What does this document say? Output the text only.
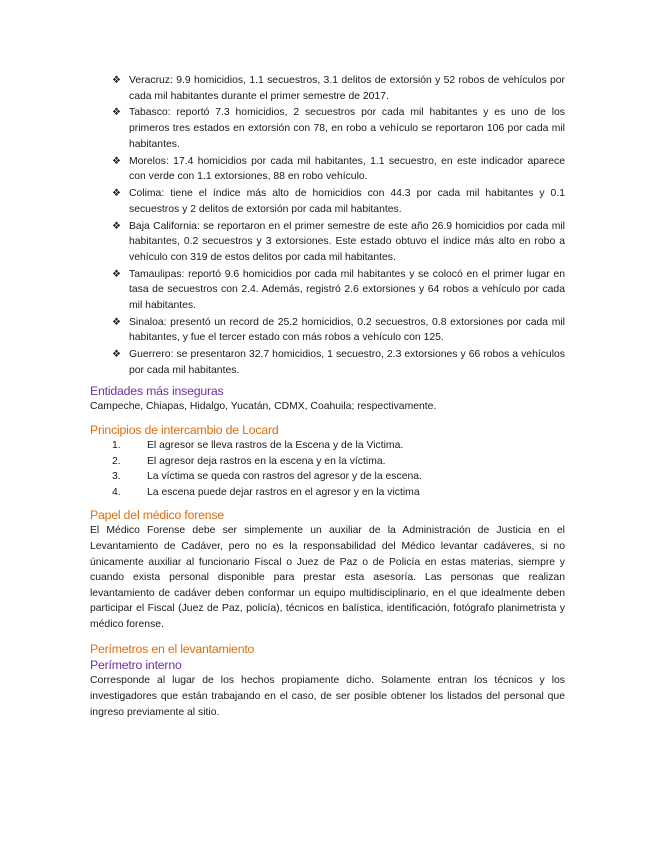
❖ Veracruz: 9.9 homicidios, 1.1 secuestros, 3.1 delitos de extorsión y 52 robos de vehículos por cada mil habitantes durante el primer semestre de 2017.
❖ Tabasco: reportó 7.3 homicidios, 2 secuestros por cada mil habitantes y es uno de los primeros tres estados en extorsión con 78, en robo a vehículo se reportaron 106 por cada mil habitantes.
❖ Morelos: 17.4 homicidios por cada mil habitantes, 1.1 secuestro, en este indicador aparece con verde con 1.1 extorsiones, 88 en robo vehículo.
❖ Colima: tiene el índice más alto de homicidios con 44.3 por cada mil habitantes y 0.1 secuestros y 2 delitos de extorsión por cada mil habitantes.
❖ Baja California: se reportaron en el primer semestre de este año 26.9 homicidios por cada mil habitantes, 0.2 secuestros y 3 extorsiones. Este estado obtuvo el índice más alto en robo a vehículo con 319 de estos delitos por cada mil habitantes.
❖ Tamaulipas: reportó 9.6 homicidios por cada mil habitantes y se colocó en el primer lugar en tasa de secuestros con 2.4. Además, registró 2.6 extorsiones y 64 robos a vehículo por cada mil habitantes.
❖ Sinaloa: presentó un record de 25.2 homicidios, 0.2 secuestros, 0.8 extorsiones por cada mil habitantes, y fue el tercer estado con más robos a vehículo con 125.
❖ Guerrero: se presentaron 32.7 homicidios, 1 secuestro, 2.3 extorsiones y 66 robos a vehículos por cada mil habitantes.
Entidades más inseguras

Campeche, Chiapas, Hidalgo, Yucatán, CDMX, Coahuila; respectivamente.

Principios de intercambio de Locard
1.	El agresor se lleva rastros de la Escena y de la Victima.
2.	El agresor deja rastros en la escena y en la víctima.
3.	La víctima se queda con rastros del agresor y de la escena.
4.	La escena puede dejar rastros en el agresor y en la victima
Papel del médico forense

El Médico Forense debe ser simplemente un auxiliar de la Administración de Justicia en el Levantamiento de Cadáver, pero no es la responsabilidad del Médico levantar cadáveres, si no únicamente auxiliar al funcionario Fiscal o Juez de Paz o de Policía en estas materias, siempre y cuando exista personal disponible para prestar esta asesoría. Las personas que realizan levantamiento de cadáver deben conformar un equipo multidisciplinario, en el que idealmente deben participar el Fiscal (Juez de Paz, policía), técnicos en balística, identificación, fotógrafo planimetrista y médico forense.

Perímetros en el levantamiento
Perímetro interno

Corresponde al lugar de los hechos propiamente dicho. Solamente entran los técnicos y los investigadores que están trabajando en el caso, de ser posible obtener los listados del personal que ingreso previamente al sitio.
